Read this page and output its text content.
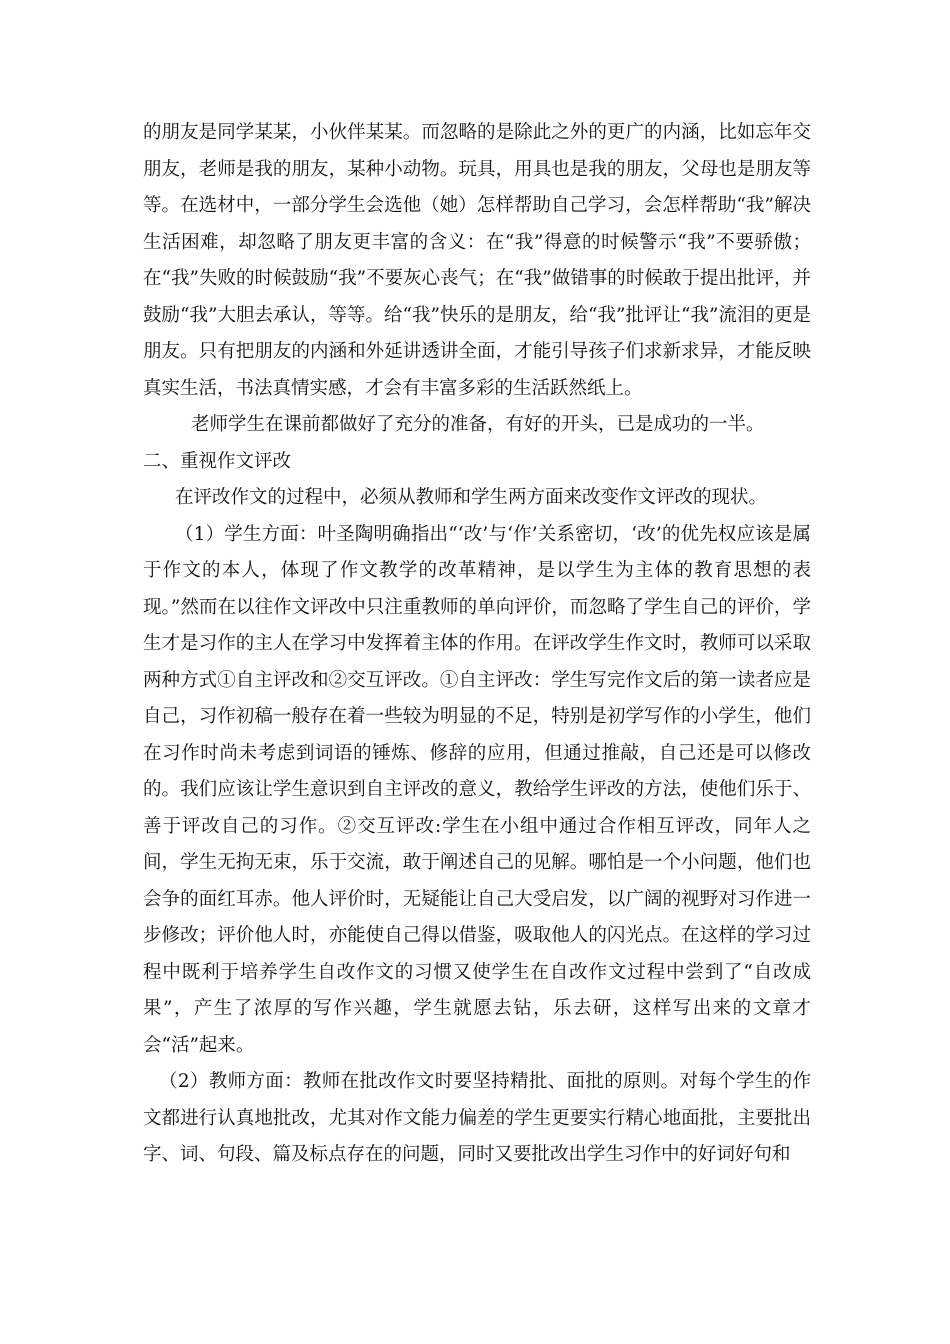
的朋友是同学某某，小伙伴某某。而忽略的是除此之外的更广的内涵，比如忘年交朋友，老师是我的朋友，某种小动物。玩具，用具也是我的朋友，父母也是朋友等等。在选材中，一部分学生会选他（她）怎样帮助自己学习，会怎样帮助“我”解决生活困难，却忽略了朋友更丰富的含义：在“我”得意的时候警示“我”不要骄傲；在“我”失败的时候鼓励“我”不要灰心丧气；在“我”做错事的时候敢于提出批评，并鼓励“我”大胆去承认，等等。给“我”快乐的是朋友，给“我”批评让“我”流泪的更是朋友。只有把朋友的内涵和外延讲透讲全面，才能引导孩子们求新求异，才能反映真实生活，书法真情实感，才会有丰富多彩的生活跃然纸上。

老师学生在课前都做好了充分的准备，有好的开头，已是成功的一半。

二、重视作文评改

在评改作文的过程中，必须从教师和学生两方面来改变作文评改的现状。

（1）学生方面：叶圣陶明确指出“‘改’与‘作’关系密切，‘改’的优先权应该是属于作文的本人，体现了作文教学的改革精神，是以学生为主体的教育思想的表现。”然而在以往作文评改中只注重教师的单向评价，而忽略了学生自己的评价，学生才是习作的主人在学习中发挥着主体的作用。在评改学生作文时，教师可以采取两种方式①自主评改和②交互评改。①自主评改：学生写完作文后的第一读者应是自己，习作初稿一般存在着一些较为明显的不足，特别是初学写作的小学生，他们在习作时尚未考虑到词语的锤炼、修辞的应用，但通过推敲，自己还是可以修改的。我们应该让学生意识到自主评改的意义，教给学生评改的方法，使他们乐于、善于评改自己的习作。②交互评改:学生在小组中通过合作相互评改，同年人之间，学生无拘无束，乐于交流，敢于阐述自己的见解。哪怕是一个小问题，他们也会争的面红耳赤。他人评价时，无疑能让自己大受启发，以广阔的视野对习作进一步修改；评价他人时，亦能使自己得以借鉴，吸取他人的闪光点。在这样的学习过程中既利于培养学生自改作文的习惯又使学生在自改作文过程中尝到了“自改成果”，产生了浓厚的写作兴趣，学生就愿去钻，乐去研，这样写出来的文章才会“活”起来。

（2）教师方面：教师在批改作文时要坚持精批、面批的原则。对每个学生的作文都进行认真地批改，尤其对作文能力偏差的学生更要实行精心地面批，主要批出字、词、句段、篇及标点存在的问题，同时又要批改出学生习作中的好词好句和
